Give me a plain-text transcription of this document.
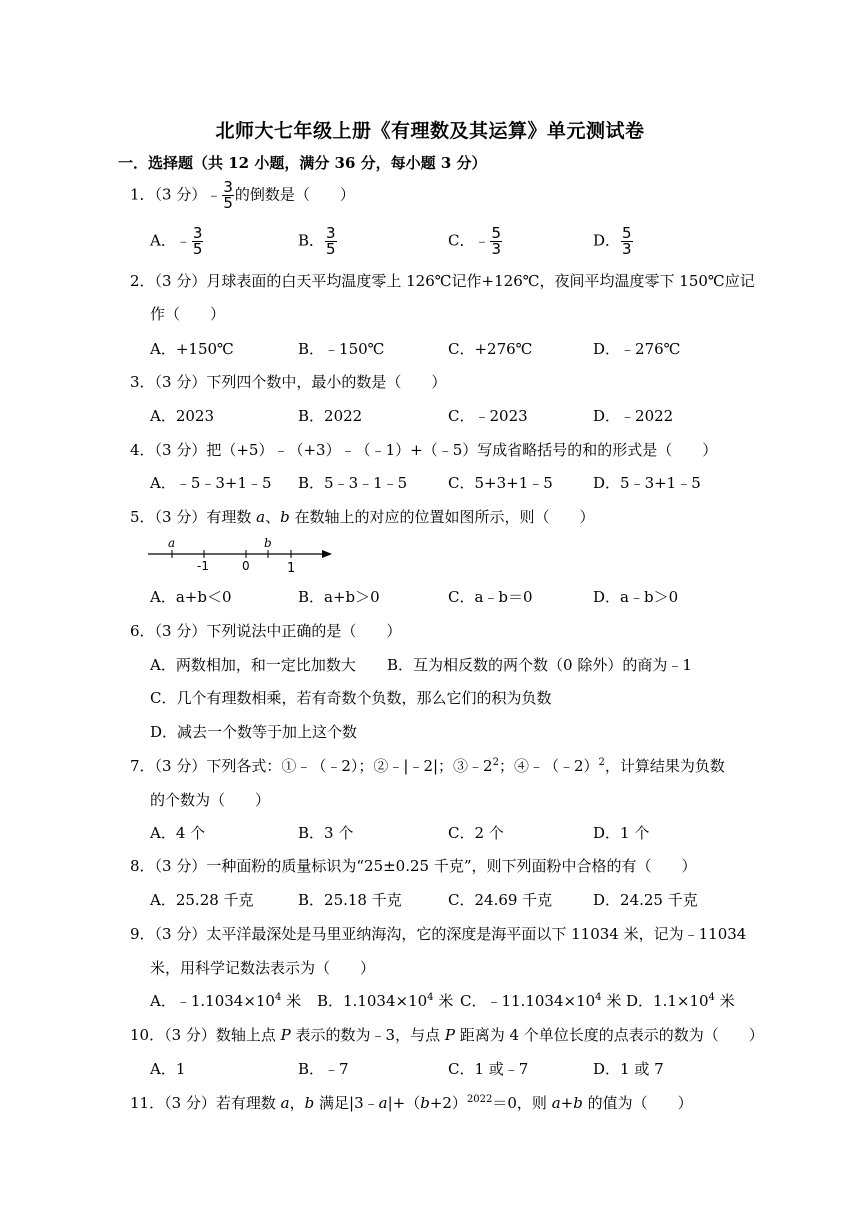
北师大七年级上册《有理数及其运算》单元测试卷
一．选择题（共 12 小题，满分 36 分，每小题 3 分）
1．（3 分）﹣ $\frac{3}{5}$ 的倒数是（　　）
A．﹣ $\frac{3}{5}$	B． $\frac{3}{5}$	C．﹣ $\frac{5}{3}$	D． $\frac{5}{3}$
2．（3 分）月球表面的白天平均温度零上 126℃记作+126℃，夜间平均温度零下 150℃应记
作（　　）
A．+150℃	B．﹣150℃	C．+276℃	D．﹣276℃
3．（3 分）下列四个数中，最小的数是（　　）
A．2023	B．2022	C．﹣2023	D．﹣2022
4．（3 分）把（+5）﹣（+3）﹣（﹣1）+（﹣5）写成省略括号的和的形式是（　　）
A．﹣5﹣3+1﹣5 B．5﹣3﹣1﹣5	C．5+3+1﹣5	D．5﹣3+1﹣5
5．（3 分）有理数 a、b 在数轴上的对应的位置如图所示，则（　　）
a	b
-1	0	1
A．a+b＜0	B．a+b＞0	C．a﹣b＝0	D．a﹣b＞0
6．（3 分）下列说法中正确的是（　　）
A．两数相加，和一定比加数大 B．互为相反数的两个数（0 除外）的商为﹣1
C．几个有理数相乘，若有奇数个负数，那么它们的积为负数
D．减去一个数等于加上这个数
7．（3 分）下列各式：①﹣（﹣2）；②﹣|﹣2|；$③﹣2^2$；④﹣（﹣2）$^2$，计算结果为负数
的个数为（　　）
A．4 个	B．3 个	C．2 个	D．1 个
8．（3 分）一种面粉的质量标识为“25±0.25 千克”，则下列面粉中合格的有（　　）
A．25.28 千克	B．25.18 千克	C．24.69 千克	D．24.25 千克
9．（3 分）太平洋最深处是马里亚纳海沟，它的深度是海平面以下 11034 米，记为﹣11034
米，用科学记数法表示为（　　）
A．$﹣1.1034\times 10^4$ 米 B．$1.1034\times 10^4$ 米 C．$﹣11.1034\times 10^4$ 米 D．$1.1\times 10^4$ 米
10．（3 分）数轴上点 P 表示的数为﹣3，与点 P 距离为 4 个单位长度的点表示的数为（　　）
A．1	B．﹣7	C．1 或﹣7	D．1 或 7
11．（3 分）若有理数 a，b 满足$|3﹣a|+(b+2)^{2022}=0$，则 a+b 的值为（　　）
